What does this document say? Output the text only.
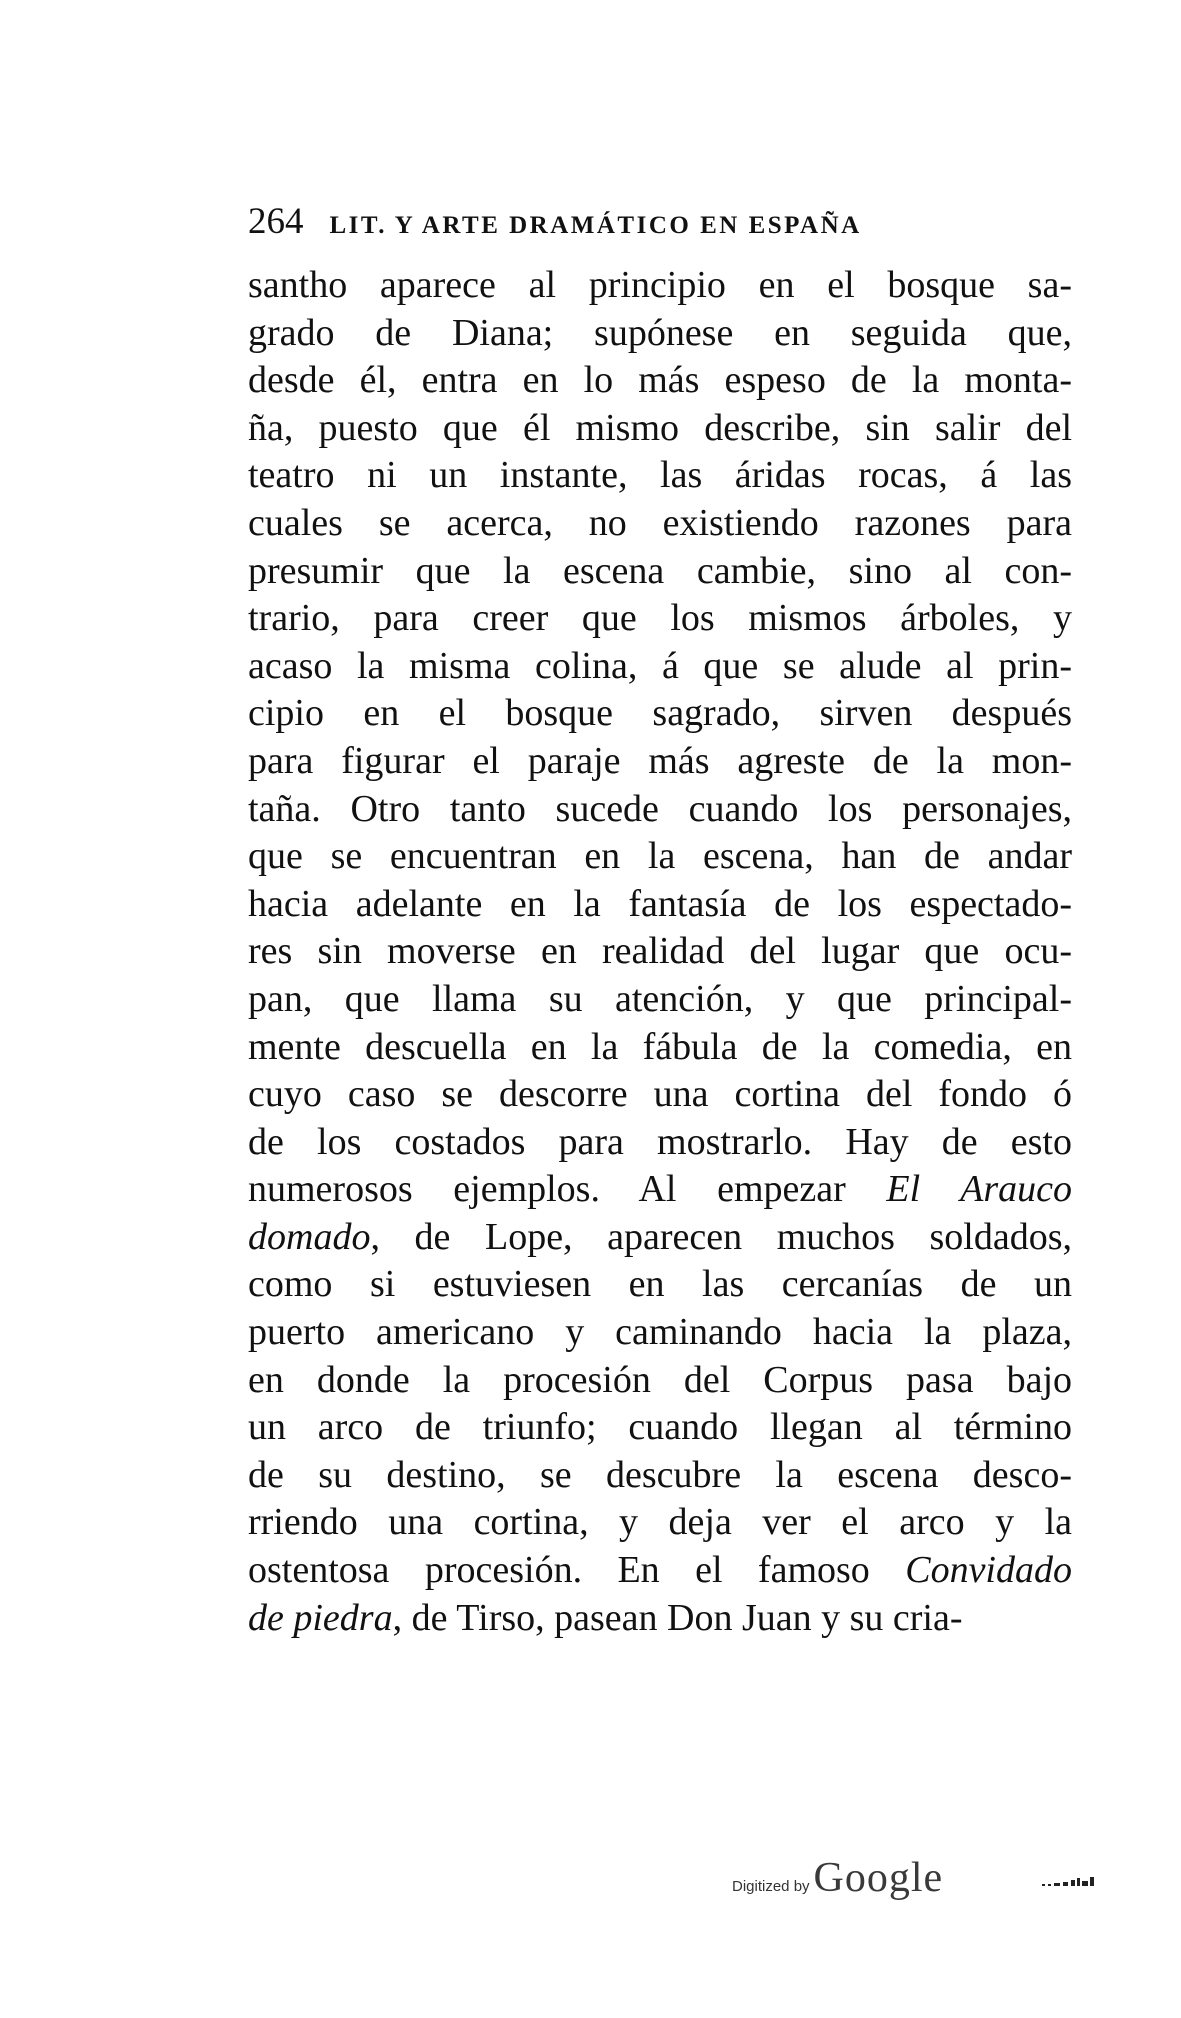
264 LIT. Y ARTE DRAMÁTICO EN ESPAÑA
santho aparece al principio en el bosque sa-
grado de Diana; supónese en seguida que,
desde él, entra en lo más espeso de la monta-
ña, puesto que él mismo describe, sin salir del
teatro ni un instante, las áridas rocas, á las
cuales se acerca, no existiendo razones para
presumir que la escena cambie, sino al con-
trario, para creer que los mismos árboles, y
acaso la misma colina, á que se alude al prin-
cipio en el bosque sagrado, sirven después
para figurar el paraje más agreste de la mon-
taña. Otro tanto sucede cuando los personajes,
que se encuentran en la escena, han de andar
hacia adelante en la fantasía de los espectado-
res sin moverse en realidad del lugar que ocu-
pan, que llama su atención, y que principal-
mente descuella en la fábula de la comedia, en
cuyo caso se descorre una cortina del fondo ó
de los costados para mostrarlo. Hay de esto
numerosos ejemplos. Al empezar El Arauco
domado, de Lope, aparecen muchos soldados,
como si estuviesen en las cercanías de un
puerto americano y caminando hacia la plaza,
en donde la procesión del Corpus pasa bajo
un arco de triunfo; cuando llegan al término
de su destino, se descubre la escena desco-
rriendo una cortina, y deja ver el arco y la
ostentosa procesión. En el famoso Convidado
de piedra, de Tirso, pasean Don Juan y su cria-
Digitized by Google
